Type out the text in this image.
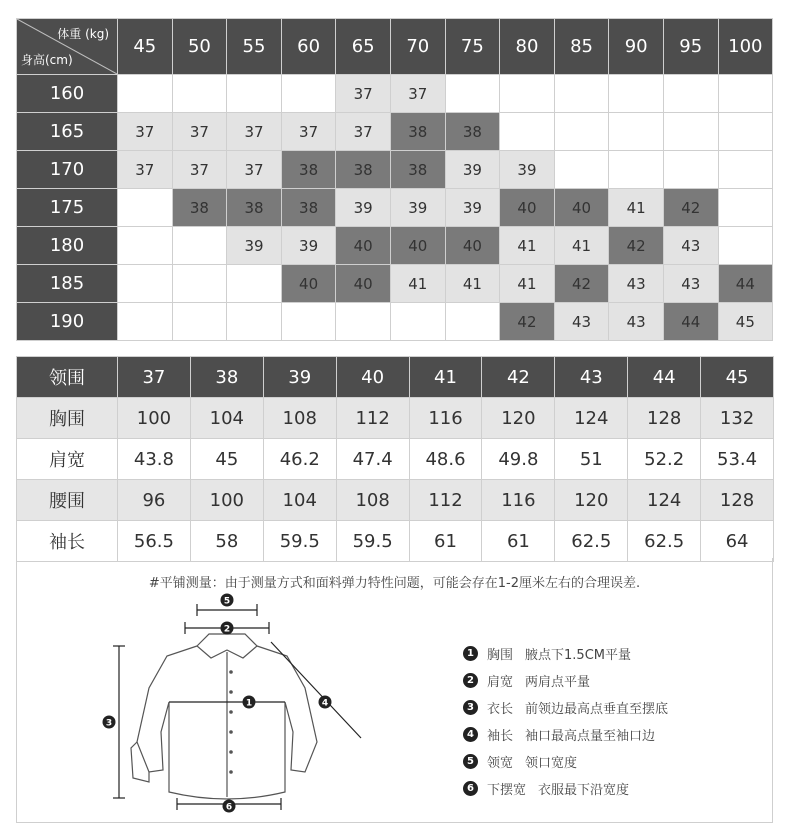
体重 (kg)
身高(cm)	45	50	55	60	65	70	75	80	85	90	95	100
160					37	37						
165	37	37	37	37	37	38	38					
170	37	37	37	38	38	38	39	39				
175		38	38	38	39	39	39	40	40	41	42	
180			39	39	40	40	40	41	41	42	43	
185				40	40	41	41	41	42	43	43	44
190								42	43	43	44	45
领围	37	38	39	40	41	42	43	44	45
胸围	100	104	108	112	116	120	124	128	132
肩宽	43.8	45	46.2	47.4	48.6	49.8	51	52.2	53.4
腰围	96	100	104	108	112	116	120	124	128
袖长	56.5	58	59.5	59.5	61	61	62.5	62.5	64
#平铺测量：由于测量方式和面料弹力特性问题，可能会存在1-2厘米左右的合理误差.
5
2
3
1	4
6
1	胸围 腋点下1.5CM平量
2	肩宽 两肩点平量
3	衣长 前领边最高点垂直至摆底
4	袖长 袖口最高点量至袖口边
5	领宽 领口宽度
6	下摆宽 衣服最下沿宽度
